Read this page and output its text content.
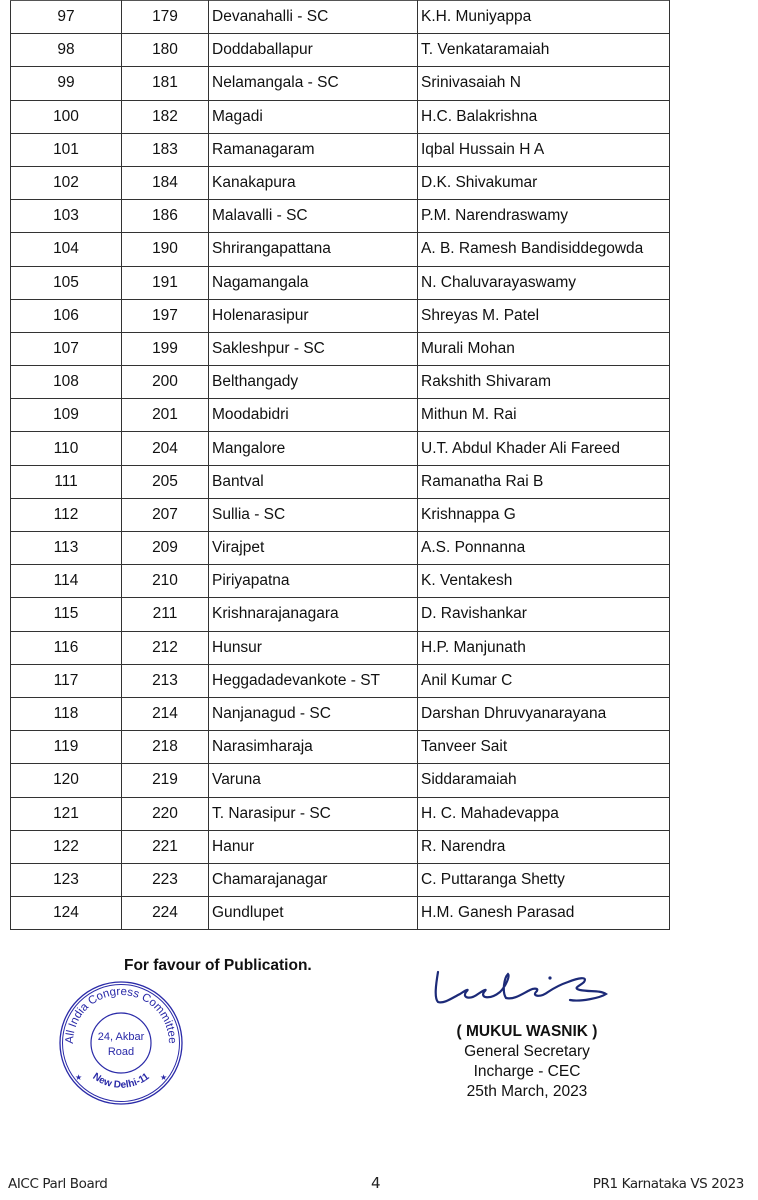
97	179	Devanahalli - SC	K.H. Muniyappa
98	180	Doddaballapur	T. Venkataramaiah
99	181	Nelamangala - SC	Srinivasaiah N
100	182	Magadi	H.C. Balakrishna
101	183	Ramanagaram	Iqbal Hussain H A
102	184	Kanakapura	D.K. Shivakumar
103	186	Malavalli - SC	P.M. Narendraswamy
104	190	Shrirangapattana	A. B. Ramesh Bandisiddegowda
105	191	Nagamangala	N. Chaluvarayaswamy
106	197	Holenarasipur	Shreyas M. Patel
107	199	Sakleshpur - SC	Murali Mohan
108	200	Belthangady	Rakshith Shivaram
109	201	Moodabidri	Mithun M. Rai
110	204	Mangalore	U.T. Abdul Khader Ali Fareed
111	205	Bantval	Ramanatha Rai B
112	207	Sullia - SC	Krishnappa G
113	209	Virajpet	A.S. Ponnanna
114	210	Piriyapatna	K. Ventakesh
115	211	Krishnarajanagara	D. Ravishankar
116	212	Hunsur	H.P. Manjunath
117	213	Heggadadevankote - ST	Anil Kumar C
118	214	Nanjanagud - SC	Darshan Dhruvyanarayana
119	218	Narasimharaja	Tanveer Sait
120	219	Varuna	Siddaramaiah
121	220	T. Narasipur - SC	H. C. Mahadevappa
122	221	Hanur	R. Narendra
123	223	Chamarajanagar	C. Puttaranga Shetty
124	224	Gundlupet	H.M. Ganesh Parasad
For favour of Publication.
All India Congress Committee
New Delhi-11
★	★
24, Akbar
Road
( MUKUL WASNIK )
General Secretary
Incharge - CEC
25th March, 2023
AICC Parl Board	4	PR1 Karnataka VS 2023
